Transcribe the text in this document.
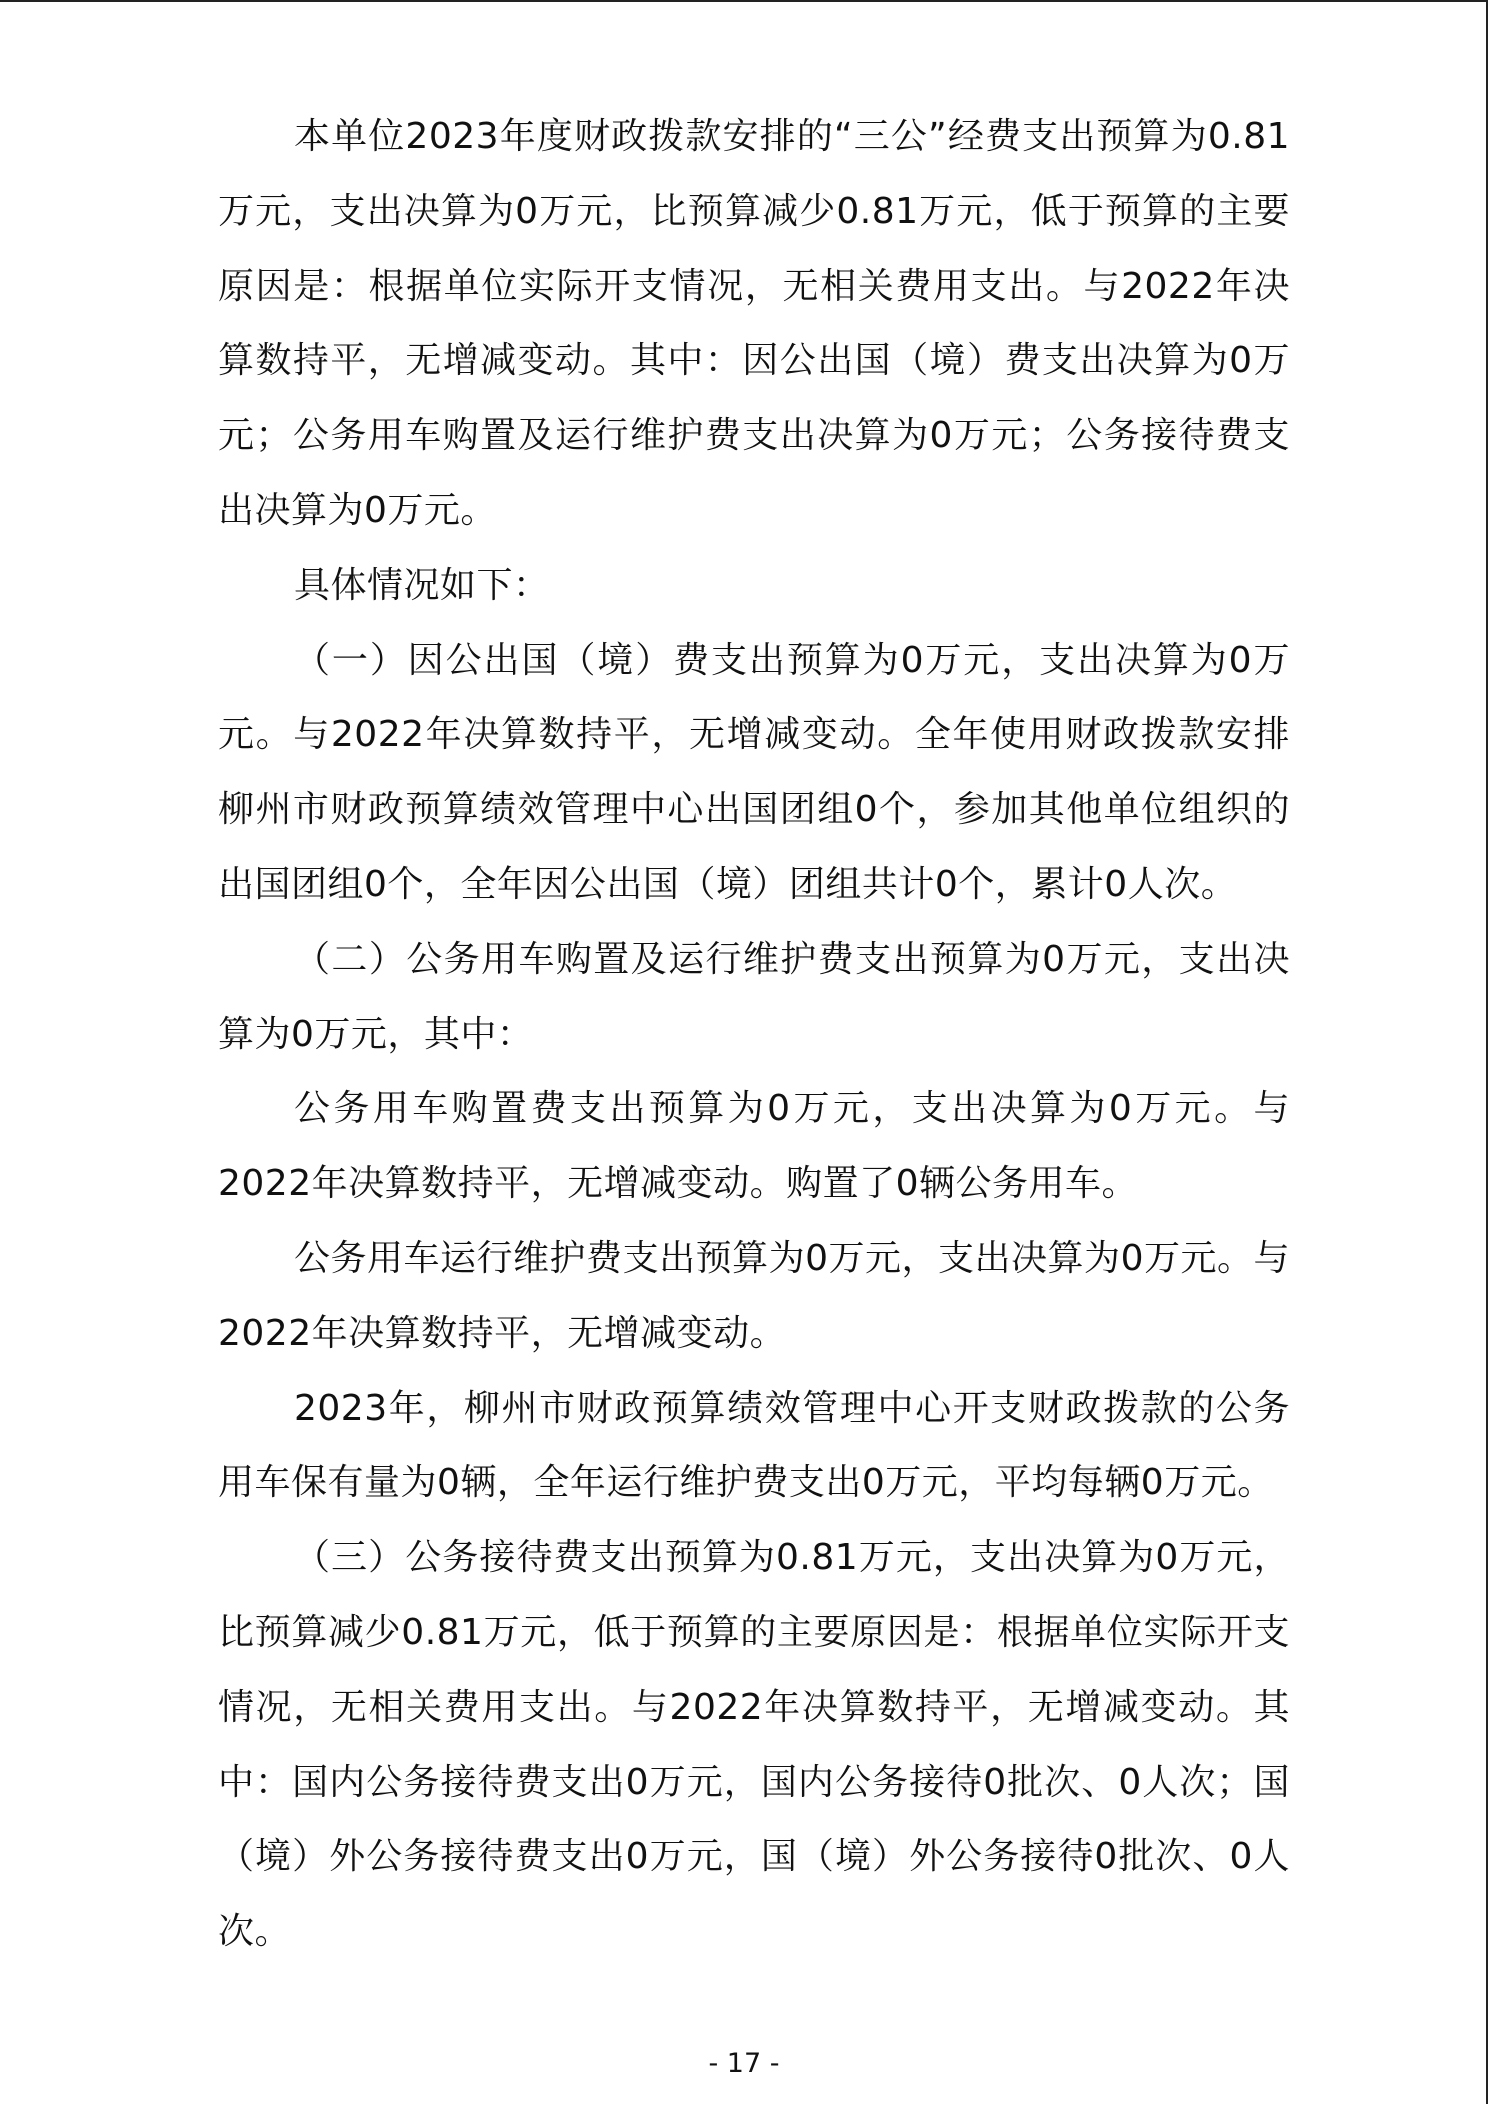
本单位2023年度财政拨款安排的“三公”经费支出预算为0.81万元，支出决算为0万元，比预算减少0.81万元，低于预算的主要原因是：根据单位实际开支情况，无相关费用支出。与2022年决算数持平，无增减变动。其中：因公出国（境）费支出决算为0万元；公务用车购置及运行维护费支出决算为0万元；公务接待费支出决算为0万元。

具体情况如下：

（一）因公出国（境）费支出预算为0万元，支出决算为0万元。与2022年决算数持平，无增减变动。全年使用财政拨款安排柳州市财政预算绩效管理中心出国团组0个，参加其他单位组织的出国团组0个，全年因公出国（境）团组共计0个，累计0人次。

（二）公务用车购置及运行维护费支出预算为0万元，支出决算为0万元，其中：

公务用车购置费支出预算为0万元，支出决算为0万元。与2022年决算数持平，无增减变动。购置了0辆公务用车。

公务用车运行维护费支出预算为0万元，支出决算为0万元。与2022年决算数持平，无增减变动。

2023年，柳州市财政预算绩效管理中心开支财政拨款的公务用车保有量为0辆，全年运行维护费支出0万元，平均每辆0万元。

（三）公务接待费支出预算为0.81万元，支出决算为0万元，比预算减少0.81万元，低于预算的主要原因是：根据单位实际开支情况，无相关费用支出。与2022年决算数持平，无增减变动。其中：国内公务接待费支出0万元，国内公务接待0批次、0人次；国（境）外公务接待费支出0万元，国（境）外公务接待0批次、0人次。

- 17 -
